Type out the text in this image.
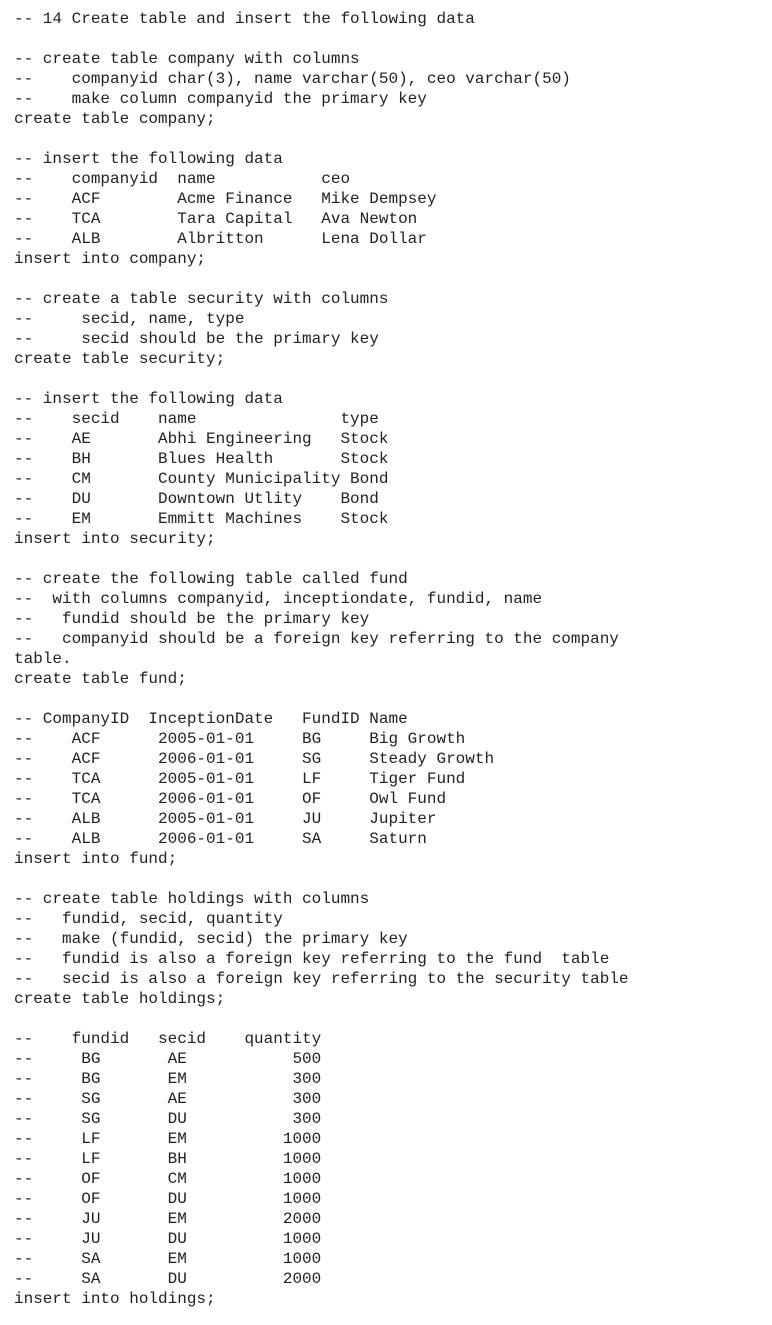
-- 14 Create table and insert the following data
-- create table company with columns
--    companyid char(3), name varchar(50), ceo varchar(50)
--    make column companyid the primary key
create table company;
-- insert the following data
--    companyid  name           ceo
--    ACF        Acme Finance   Mike Dempsey
--    TCA        Tara Capital   Ava Newton
--    ALB        Albritton      Lena Dollar
insert into company;
-- create a table security with columns
--     secid, name, type
--     secid should be the primary key
create table security;
-- insert the following data
--    secid    name               type
--    AE       Abhi Engineering   Stock
--    BH       Blues Health       Stock
--    CM       County Municipality Bond
--    DU       Downtown Utlity    Bond
--    EM       Emmitt Machines    Stock
insert into security;
-- create the following table called fund
--  with columns companyid, inceptiondate, fundid, name
--   fundid should be the primary key
--   companyid should be a foreign key referring to the company
table.
create table fund;
-- CompanyID  InceptionDate   FundID Name
--    ACF      2005-01-01     BG     Big Growth
--    ACF      2006-01-01     SG     Steady Growth
--    TCA      2005-01-01     LF     Tiger Fund
--    TCA      2006-01-01     OF     Owl Fund
--    ALB      2005-01-01     JU     Jupiter
--    ALB      2006-01-01     SA     Saturn
insert into fund;
-- create table holdings with columns
--   fundid, secid, quantity
--   make (fundid, secid) the primary key
--   fundid is also a foreign key referring to the fund  table
--   secid is also a foreign key referring to the security table
create table holdings;
--    fundid   secid    quantity
--     BG       AE           500
--     BG       EM           300
--     SG       AE           300
--     SG       DU           300
--     LF       EM          1000
--     LF       BH          1000
--     OF       CM          1000
--     OF       DU          1000
--     JU       EM          2000
--     JU       DU          1000
--     SA       EM          1000
--     SA       DU          2000
insert into holdings;
